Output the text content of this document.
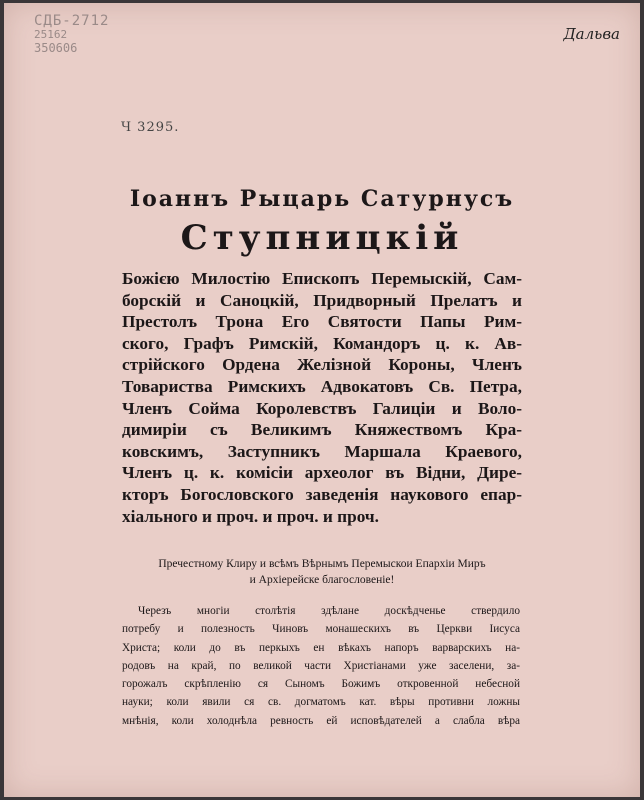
СДБ-2712
25162
350606
Дальва
Ч 3295.
Іоаннъ Рыцарь Сатурнусъ
Ступницкій
Божією Милостію Епископъ Перемыскій, Сам-
борскій и Саноцкій, Придворный Прелатъ и
Престолъ Трона Его Святости Папы Рим-
ского, Графъ Римскій, Командоръ ц. к. Ав-
стрійского Ордена Желізной Короны, Членъ
Товариства Римскихъ Адвокатовъ Св. Петра,
Членъ Сойма Королевствъ Галиціи и Воло-
димиріи съ Великимъ Княжествомъ Кра-
ковскимъ, Заступникъ Маршала Краевого,
Членъ ц. к. комісіи археолог въ Відни, Дире-
кторъ Богословского заведенія наукового епар-
хіального и проч. и проч. и проч.
Пречестному Клиру и всѣмъ Вѣрнымъ Перемыскои Епархіи Миръ
и Архіерейске благословеніе!
Черезъ многіи столѣтія здѣлане доскѣдченье ствердило
потребу и полезность Чиновъ монашескихъ въ Церкви Іисуса
Христа; коли до въ перкыхъ ен вѣкахъ напоръ варварскихъ на-
родовъ на край, по великой части Христіанами уже заселени, за-
горожалъ скрѣпленію ся Сыномъ Божимъ откровенной небесной
науки; коли явили ся св. догматомъ кат. вѣры противни ложны
мнѣнія, коли холоднѣла ревность ей исповѣдателей а слабла вѣра
